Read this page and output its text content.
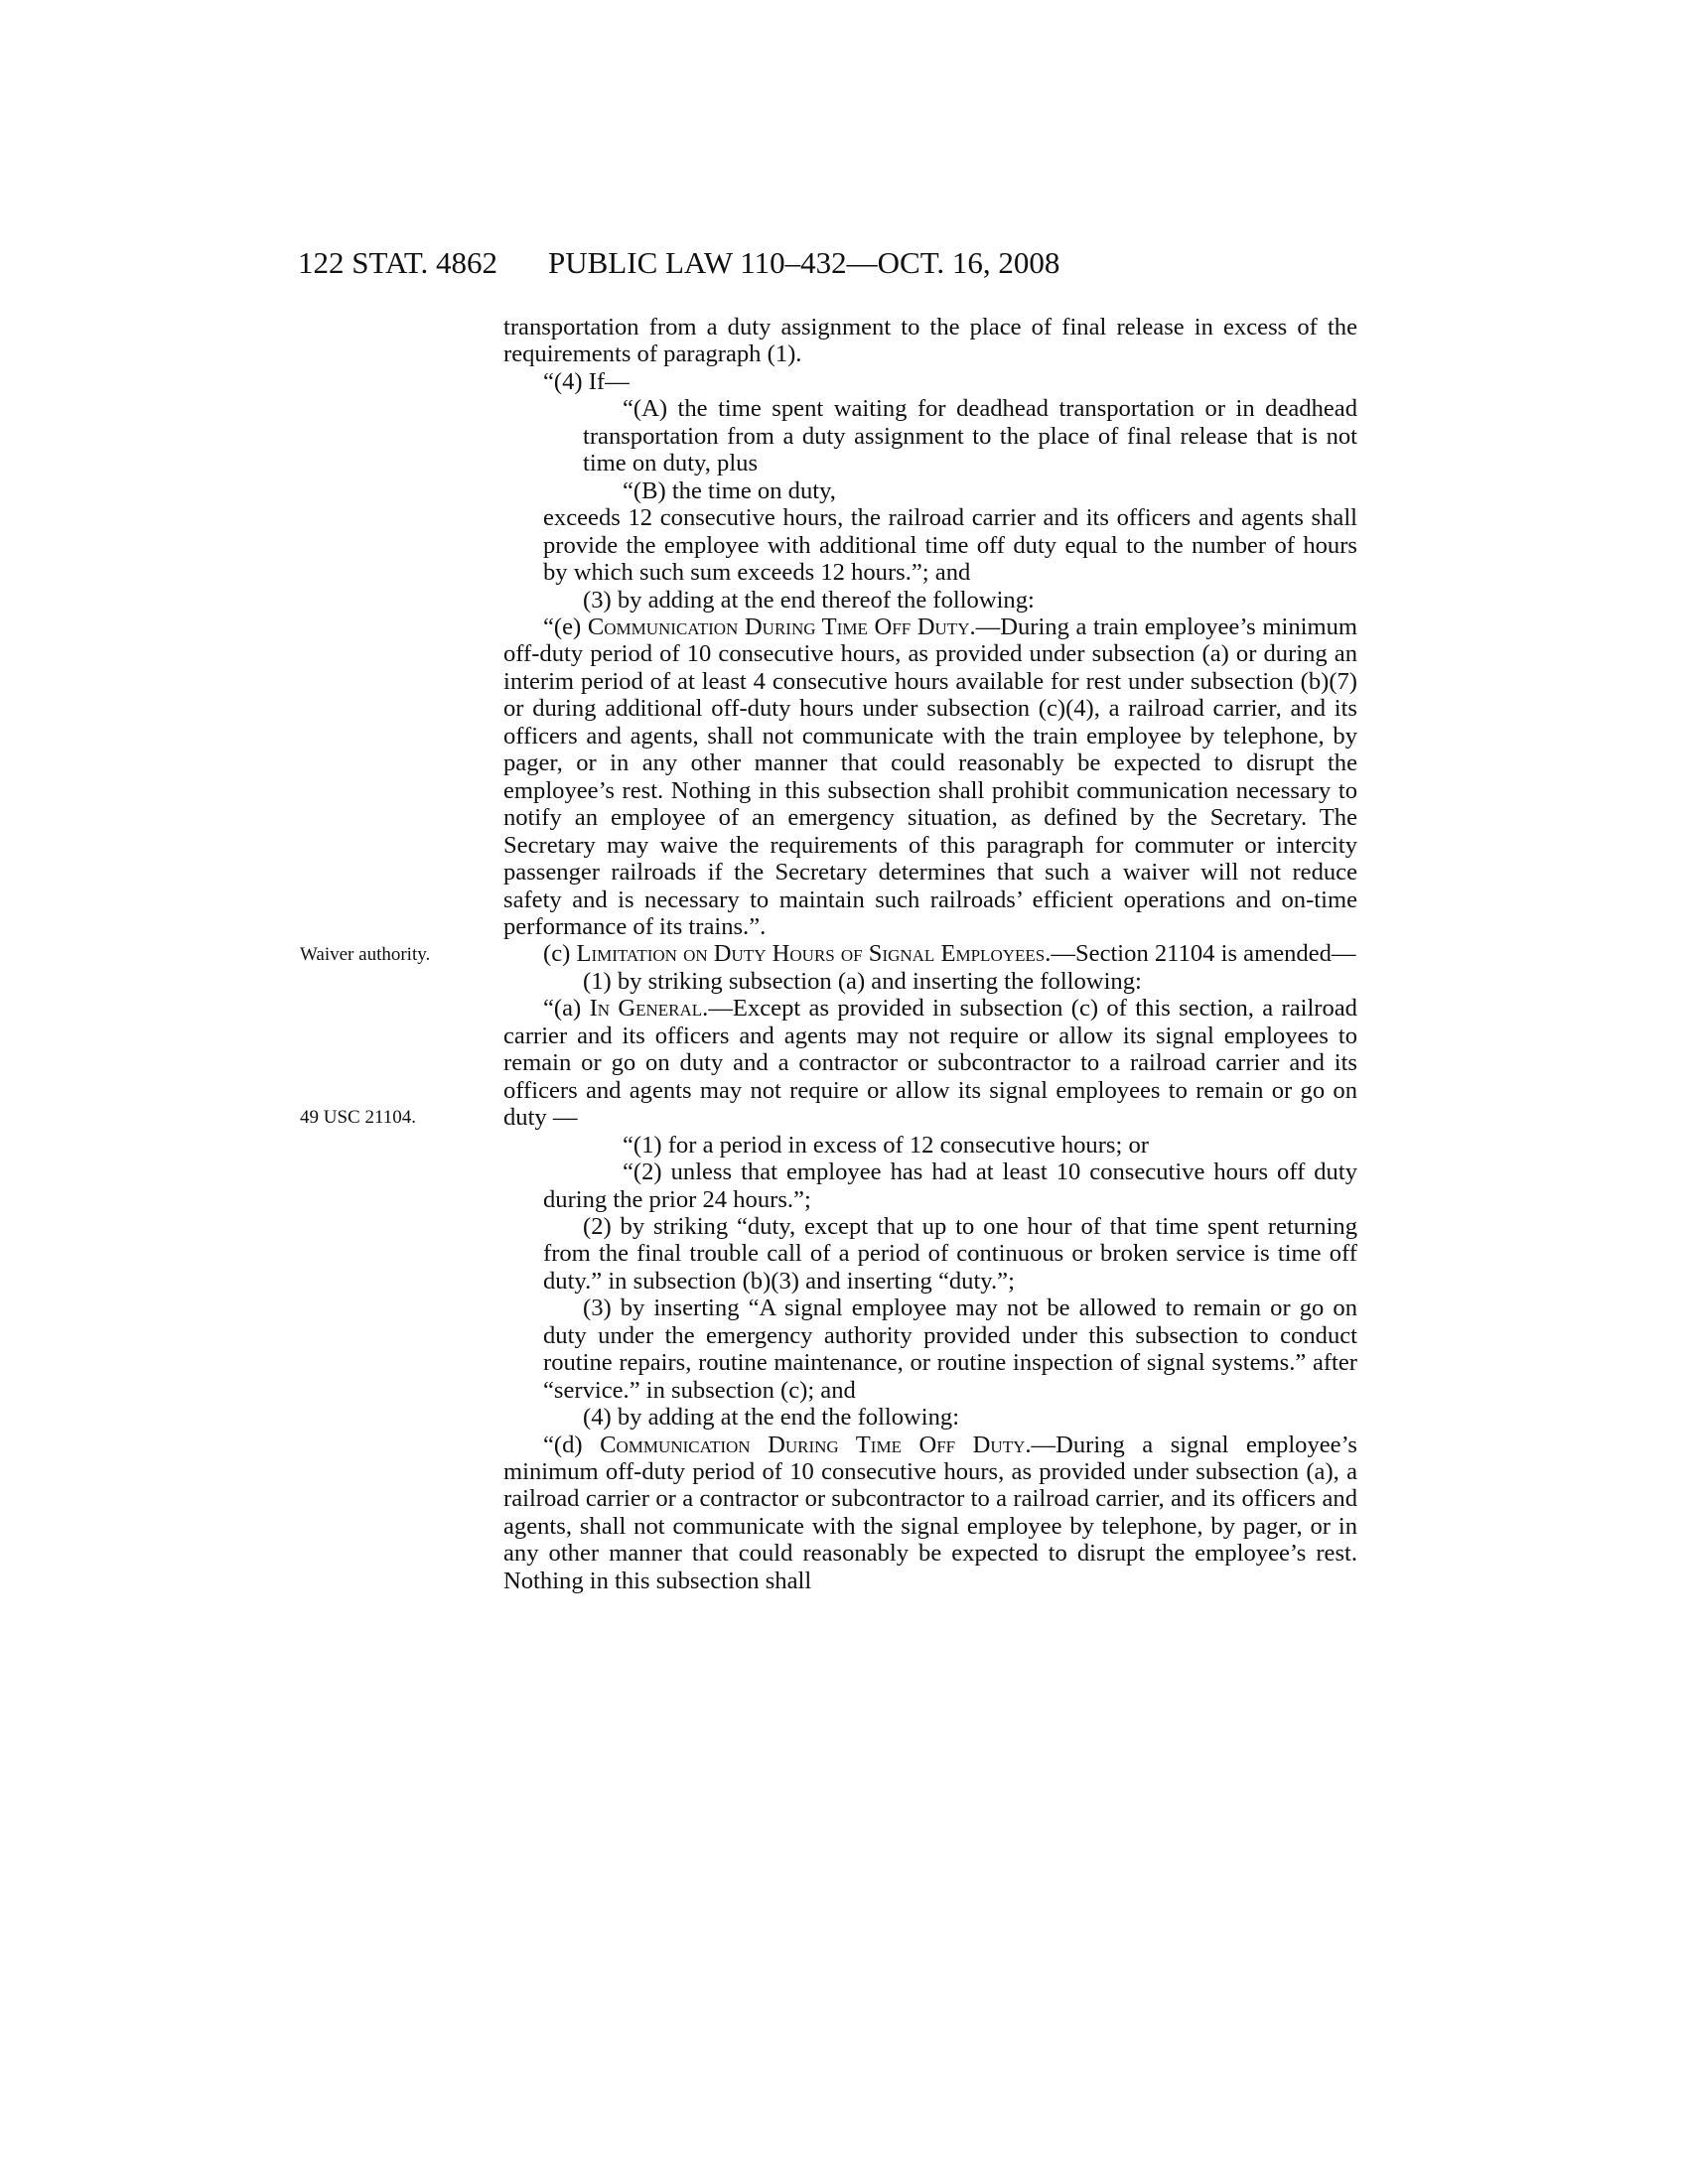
122 STAT. 4862 PUBLIC LAW 110–432—OCT. 16, 2008
Waiver authority.
49 USC 21104.

transportation from a duty assignment to the place of final release in excess of the requirements of paragraph (1).

“(4) If—

“(A) the time spent waiting for deadhead transportation or in deadhead transportation from a duty assignment to the place of final release that is not time on duty, plus

“(B) the time on duty,

exceeds 12 consecutive hours, the railroad carrier and its officers and agents shall provide the employee with additional time off duty equal to the number of hours by which such sum exceeds 12 hours.”; and

(3) by adding at the end thereof the following:

“(e) Communication During Time Off Duty.—During a train employee’s minimum off-duty period of 10 consecutive hours, as provided under subsection (a) or during an interim period of at least 4 consecutive hours available for rest under subsection (b)(7) or during additional off-duty hours under subsection (c)(4), a railroad carrier, and its officers and agents, shall not communicate with the train employee by telephone, by pager, or in any other manner that could reasonably be expected to disrupt the employee’s rest. Nothing in this subsection shall prohibit communication necessary to notify an employee of an emergency situation, as defined by the Secretary. The Secretary may waive the requirements of this paragraph for commuter or intercity passenger railroads if the Secretary determines that such a waiver will not reduce safety and is necessary to maintain such railroads’ efficient operations and on-time performance of its trains.”.

(c) Limitation on Duty Hours of Signal Employees.—Section 21104 is amended—

(1) by striking subsection (a) and inserting the following:

“(a) In General.—Except as provided in subsection (c) of this section, a railroad carrier and its officers and agents may not require or allow its signal employees to remain or go on duty and a contractor or subcontractor to a railroad carrier and its officers and agents may not require or allow its signal employees to remain or go on duty —

“(1) for a period in excess of 12 consecutive hours; or

“(2) unless that employee has had at least 10 consecutive hours off duty during the prior 24 hours.”;

(2) by striking “duty, except that up to one hour of that time spent returning from the final trouble call of a period of continuous or broken service is time off duty.” in subsection (b)(3) and inserting “duty.”;

(3) by inserting “A signal employee may not be allowed to remain or go on duty under the emergency authority provided under this subsection to conduct routine repairs, routine maintenance, or routine inspection of signal systems.” after “service.” in subsection (c); and

(4) by adding at the end the following:

“(d) Communication During Time Off Duty.—During a signal employee’s minimum off-duty period of 10 consecutive hours, as provided under subsection (a), a railroad carrier or a contractor or subcontractor to a railroad carrier, and its officers and agents, shall not communicate with the signal employee by telephone, by pager, or in any other manner that could reasonably be expected to disrupt the employee’s rest. Nothing in this subsection shall
